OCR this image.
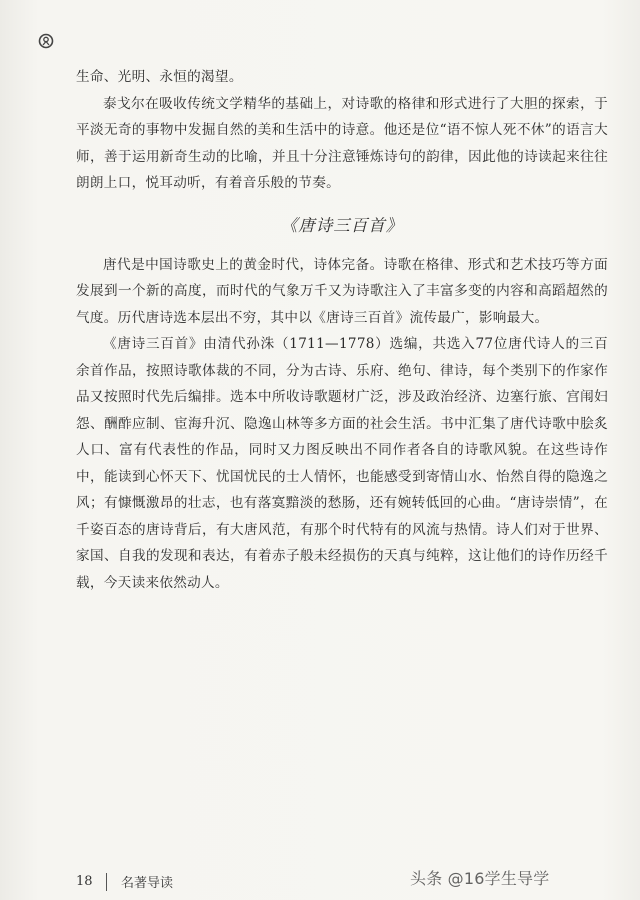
生命、光明、永恒的渴望。

泰戈尔在吸收传统文学精华的基础上，对诗歌的格律和形式进行了大胆的探索，于平淡无奇的事物中发掘自然的美和生活中的诗意。他还是位“语不惊人死不休”的语言大师，善于运用新奇生动的比喻，并且十分注意锤炼诗句的韵律，因此他的诗读起来往往朗朗上口，悦耳动听，有着音乐般的节奏。

《唐诗三百首》

唐代是中国诗歌史上的黄金时代，诗体完备。诗歌在格律、形式和艺术技巧等方面发展到一个新的高度，而时代的气象万千又为诗歌注入了丰富多变的内容和高蹈超然的气度。历代唐诗选本层出不穷，其中以《唐诗三百首》流传最广，影响最大。

《唐诗三百首》由清代孙洙（1711—1778）选编，共选入77位唐代诗人的三百余首作品，按照诗歌体裁的不同，分为古诗、乐府、绝句、律诗，每个类别下的作家作品又按照时代先后编排。选本中所收诗歌题材广泛，涉及政治经济、边塞行旅、宫闱妇怨、酬酢应制、宦海升沉、隐逸山林等多方面的社会生活。书中汇集了唐代诗歌中脍炙人口、富有代表性的作品，同时又力图反映出不同作者各自的诗歌风貌。在这些诗作中，能读到心怀天下、忧国忧民的士人情怀，也能感受到寄情山水、怡然自得的隐逸之风；有慷慨激昂的壮志，也有落寞黯淡的愁肠，还有婉转低回的心曲。“唐诗崇情”，在千姿百态的唐诗背后，有大唐风范，有那个时代特有的风流与热情。诗人们对于世界、家国、自我的发现和表达，有着赤子般未经损伤的天真与纯粹，这让他们的诗作历经千载，今天读来依然动人。

18 名著导读	头条 @16学生导学
